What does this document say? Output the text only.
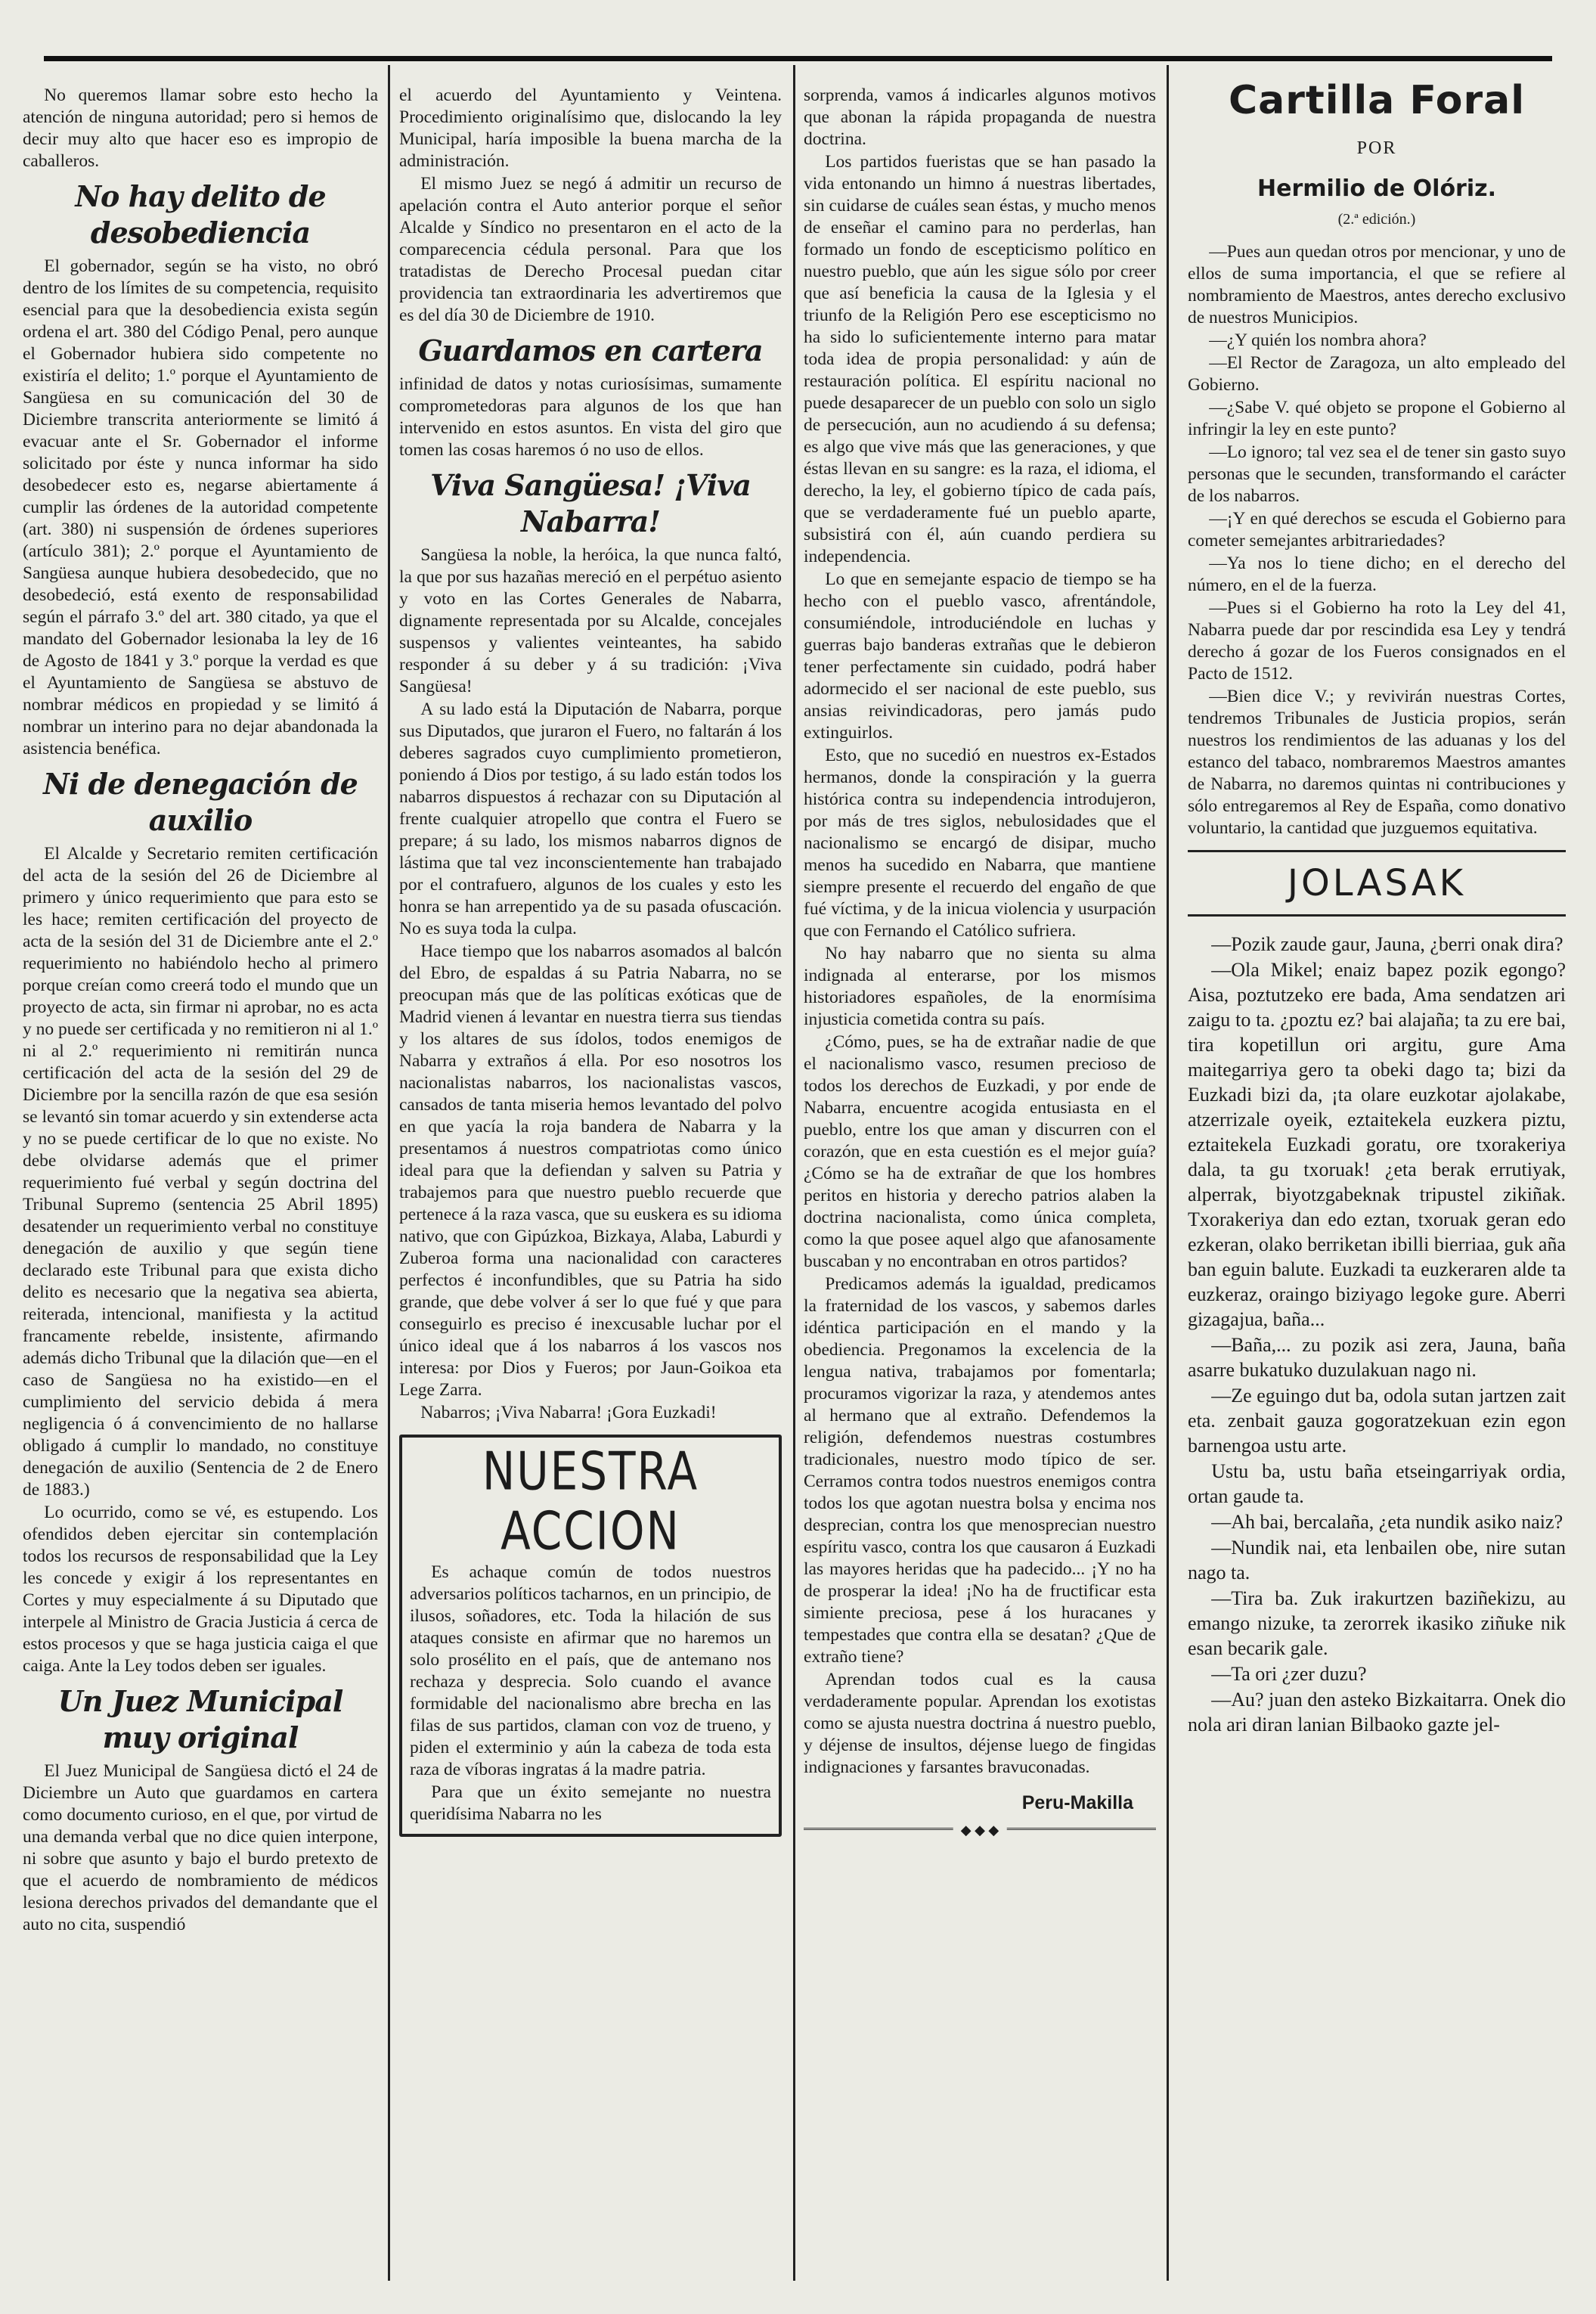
No queremos llamar sobre esto hecho la atención de ninguna autoridad; pero si hemos de decir muy alto que hacer eso es impropio de caballeros.

No hay delito de desobediencia

El gobernador, según se ha visto, no obró dentro de los límites de su competencia, requisito esencial para que la desobediencia exista según ordena el art. 380 del Código Penal, pero aunque el Gobernador hubiera sido competente no existiría el delito; 1.º porque el Ayuntamiento de Sangüesa en su comunicación del 30 de Diciembre transcrita anteriormente se limitó á evacuar ante el Sr. Gobernador el informe solicitado por éste y nunca informar ha sido desobedecer esto es, negarse abiertamente á cumplir las órdenes de la autoridad competente (art. 380) ni suspensión de órdenes superiores (artículo 381); 2.º porque el Ayuntamiento de Sangüesa aunque hubiera desobedecido, que no desobedeció, está exento de responsabilidad según el párrafo 3.º del art. 380 citado, ya que el mandato del Gobernador lesionaba la ley de 16 de Agosto de 1841 y 3.º porque la verdad es que el Ayuntamiento de Sangüesa se abstuvo de nombrar médicos en propiedad y se limitó á nombrar un interino para no dejar abandonada la asistencia benéfica.

Ni de denegación de auxilio

El Alcalde y Secretario remiten certificación del acta de la sesión del 26 de Diciembre al primero y único requerimiento que para esto se les hace; remiten certificación del proyecto de acta de la sesión del 31 de Diciembre ante el 2.º requerimiento no habiéndolo hecho al primero porque creían como creerá todo el mundo que un proyecto de acta, sin firmar ni aprobar, no es acta y no puede ser certificada y no remitieron ni al 1.º ni al 2.º requerimiento ni remitirán nunca certificación del acta de la sesión del 29 de Diciembre por la sencilla razón de que esa sesión se levantó sin tomar acuerdo y sin extenderse acta y no se puede certificar de lo que no existe. No debe olvidarse además que el primer requerimiento fué verbal y según doctrina del Tribunal Supremo (sentencia 25 Abril 1895) desatender un requerimiento verbal no constituye denegación de auxilio y que según tiene declarado este Tribunal para que exista dicho delito es necesario que la negativa sea abierta, reiterada, intencional, manifiesta y la actitud francamente rebelde, insistente, afirmando además dicho Tribunal que la dilación que—en el caso de Sangüesa no ha existido—en el cumplimiento del servicio debida á mera negligencia ó á convencimiento de no hallarse obligado á cumplir lo mandado, no constituye denegación de auxilio (Sentencia de 2 de Enero de 1883.)

Lo ocurrido, como se vé, es estupendo. Los ofendidos deben ejercitar sin contemplación todos los recursos de responsabilidad que la Ley les concede y exigir á los representantes en Cortes y muy especialmente á su Diputado que interpele al Ministro de Gracia Justicia á cerca de estos procesos y que se haga justicia caiga el que caiga. Ante la Ley todos deben ser iguales.

Un Juez Municipal muy original

El Juez Municipal de Sangüesa dictó el 24 de Diciembre un Auto que guardamos en cartera como documento curioso, en el que, por virtud de una demanda verbal que no dice quien interpone, ni sobre que asunto y bajo el burdo pretexto de que el acuerdo de nombramiento de médicos lesiona derechos privados del demandante que el auto no cita, suspendió

el acuerdo del Ayuntamiento y Veintena. Procedimiento originalísimo que, dislocando la ley Municipal, haría imposible la buena marcha de la administración.

El mismo Juez se negó á admitir un recurso de apelación contra el Auto anterior porque el señor Alcalde y Síndico no presentaron en el acto de la comparecencia cédula personal. Para que los tratadistas de Derecho Procesal puedan citar providencia tan extraordinaria les advertiremos que es del día 30 de Diciembre de 1910.

Guardamos en cartera

infinidad de datos y notas curiosísimas, sumamente comprometedoras para algunos de los que han intervenido en estos asuntos. En vista del giro que tomen las cosas haremos ó no uso de ellos.

Viva Sangüesa! ¡Viva Nabarra!

Sangüesa la noble, la heróica, la que nunca faltó, la que por sus hazañas mereció en el perpétuo asiento y voto en las Cortes Generales de Nabarra, dignamente representada por su Alcalde, concejales suspensos y valientes veinteantes, ha sabido responder á su deber y á su tradición: ¡Viva Sangüesa!

A su lado está la Diputación de Nabarra, porque sus Diputados, que juraron el Fuero, no faltarán á los deberes sagrados cuyo cumplimiento prometieron, poniendo á Dios por testigo, á su lado están todos los nabarros dispuestos á rechazar con su Diputación al frente cualquier atropello que contra el Fuero se prepare; á su lado, los mismos nabarros dignos de lástima que tal vez inconscientemente han trabajado por el contrafuero, algunos de los cuales y esto les honra se han arrepentido ya de su pasada ofuscación. No es suya toda la culpa.

Hace tiempo que los nabarros asomados al balcón del Ebro, de espaldas á su Patria Nabarra, no se preocupan más que de las políticas exóticas que de Madrid vienen á levantar en nuestra tierra sus tiendas y los altares de sus ídolos, todos enemigos de Nabarra y extraños á ella. Por eso nosotros los nacionalistas nabarros, los nacionalistas vascos, cansados de tanta miseria hemos levantado del polvo en que yacía la roja bandera de Nabarra y la presentamos á nuestros compatriotas como único ideal para que la defiendan y salven su Patria y trabajemos para que nuestro pueblo recuerde que pertenece á la raza vasca, que su euskera es su idioma nativo, que con Gipúzkoa, Bizkaya, Alaba, Laburdi y Zuberoa forma una nacionalidad con caracteres perfectos é inconfundibles, que su Patria ha sido grande, que debe volver á ser lo que fué y que para conseguirlo es preciso é inexcusable luchar por el único ideal que á los nabarros á los vascos nos interesa: por Dios y Fueros; por Jaun-Goikoa eta Lege Zarra.

Nabarros; ¡Viva Nabarra! ¡Gora Euzkadi!

NUESTRA ACCION

Es achaque común de todos nuestros adversarios políticos tacharnos, en un principio, de ilusos, soñadores, etc. Toda la hilación de sus ataques consiste en afirmar que no haremos un solo prosélito en el país, que de antemano nos rechaza y desprecia. Solo cuando el avance formidable del nacionalismo abre brecha en las filas de sus partidos, claman con voz de trueno, y piden el exterminio y aún la cabeza de toda esta raza de víboras ingratas á la madre patria.

Para que un éxito semejante no nuestra queridísima Nabarra no les

sorprenda, vamos á indicarles algunos motivos que abonan la rápida propaganda de nuestra doctrina.

Los partidos fueristas que se han pasado la vida entonando un himno á nuestras libertades, sin cuidarse de cuáles sean éstas, y mucho menos de enseñar el camino para no perderlas, han formado un fondo de escepticismo político en nuestro pueblo, que aún les sigue sólo por creer que así beneficia la causa de la Iglesia y el triunfo de la Religión Pero ese escepticismo no ha sido lo suficientemente interno para matar toda idea de propia personalidad: y aún de restauración política. El espíritu nacional no puede desaparecer de un pueblo con solo un siglo de persecución, aun no acudiendo á su defensa; es algo que vive más que las generaciones, y que éstas llevan en su sangre: es la raza, el idioma, el derecho, la ley, el gobierno típico de cada país, que se verdaderamente fué un pueblo aparte, subsistirá con él, aún cuando perdiera su independencia.

Lo que en semejante espacio de tiempo se ha hecho con el pueblo vasco, afrentándole, consumiéndole, introduciéndole en luchas y guerras bajo banderas extrañas que le debieron tener perfectamente sin cuidado, podrá haber adormecido el ser nacional de este pueblo, sus ansias reivindicadoras, pero jamás pudo extinguirlos.

Esto, que no sucedió en nuestros ex-Estados hermanos, donde la conspiración y la guerra histórica contra su independencia introdujeron, por más de tres siglos, nebulosidades que el nacionalismo se encargó de disipar, mucho menos ha sucedido en Nabarra, que mantiene siempre presente el recuerdo del engaño de que fué víctima, y de la inicua violencia y usurpación que con Fernando el Católico sufriera.

No hay nabarro que no sienta su alma indignada al enterarse, por los mismos historiadores españoles, de la enormísima injusticia cometida contra su país.

¿Cómo, pues, se ha de extrañar nadie de que el nacionalismo vasco, resumen precioso de todos los derechos de Euzkadi, y por ende de Nabarra, encuentre acogida entusiasta en el pueblo, entre los que aman y discurren con el corazón, que en esta cuestión es el mejor guía? ¿Cómo se ha de extrañar de que los hombres peritos en historia y derecho patrios alaben la doctrina nacionalista, como única completa, como la que posee aquel algo que afanosamente buscaban y no encontraban en otros partidos?

Predicamos además la igualdad, predicamos la fraternidad de los vascos, y sabemos darles idéntica participación en el mando y la obediencia. Pregonamos la excelencia de la lengua nativa, trabajamos por fomentarla; procuramos vigorizar la raza, y atendemos antes al hermano que al extraño. Defendemos la religión, defendemos nuestras costumbres tradicionales, nuestro modo típico de ser. Cerramos contra todos nuestros enemigos contra todos los que agotan nuestra bolsa y encima nos desprecian, contra los que menosprecian nuestro espíritu vasco, contra los que causaron á Euzkadi las mayores heridas que ha padecido... ¡Y no ha de prosperar la idea! ¡No ha de fructificar esta simiente preciosa, pese á los huracanes y tempestades que contra ella se desatan? ¿Que de extraño tiene?

Aprendan todos cual es la causa verdaderamente popular. Aprendan los exotistas como se ajusta nuestra doctrina á nuestro pueblo, y déjense de insultos, déjense luego de fingidas indignaciones y farsantes bravuconadas.

Peru-Makilla
◆ ◆ ◆
Cartilla Foral
POR
Hermilio de Olóriz.
(2.ª edición.)

—Pues aun quedan otros por mencionar, y uno de ellos de suma importancia, el que se refiere al nombramiento de Maestros, antes derecho exclusivo de nuestros Municipios.

—¿Y quién los nombra ahora?

—El Rector de Zaragoza, un alto empleado del Gobierno.

—¿Sabe V. qué objeto se propone el Gobierno al infringir la ley en este punto?

—Lo ignoro; tal vez sea el de tener sin gasto suyo personas que le secunden, transformando el carácter de los nabarros.

—¡Y en qué derechos se escuda el Gobierno para cometer semejantes arbitrariedades?

—Ya nos lo tiene dicho; en el derecho del número, en el de la fuerza.

—Pues si el Gobierno ha roto la Ley del 41, Nabarra puede dar por rescindida esa Ley y tendrá derecho á gozar de los Fueros consignados en el Pacto de 1512.

—Bien dice V.; y revivirán nuestras Cortes, tendremos Tribunales de Justicia propios, serán nuestros los rendimientos de las aduanas y los del estanco del tabaco, nombraremos Maestros amantes de Nabarra, no daremos quintas ni contribuciones y sólo entregaremos al Rey de España, como donativo voluntario, la cantidad que juzguemos equitativa.

JOLASAK

—Pozik zaude gaur, Jauna, ¿berri onak dira?

—Ola Mikel; enaiz bapez pozik egongo? Aisa, poztutzeko ere bada, Ama sendatzen ari zaigu to ta. ¿poztu ez? bai alajaña; ta zu ere bai, tira kopetillun ori argitu, gure Ama maitegarriya gero ta obeki dago ta; bizi da Euzkadi bizi da, ¡ta olare euzkotar ajolakabe, atzerrizale oyeik, eztaitekela euzkera piztu, eztaitekela Euzkadi goratu, ore txorakeriya dala, ta gu txoruak! ¿eta berak errutiyak, alperrak, biyotzgabeknak tripustel zikiñak. Txorakeriya dan edo eztan, txoruak geran edo ezkeran, olako berriketan ibilli bierriaa, guk aña ban eguin balute. Euzkadi ta euzkeraren alde ta euzkeraz, oraingo biziyago legoke gure. Aberri gizagajua, baña...

—Baña,... zu pozik asi zera, Jauna, baña asarre bukatuko duzulakuan nago ni.

—Ze eguingo dut ba, odola sutan jartzen zait eta. zenbait gauza gogoratzekuan ezin egon barnengoa ustu arte.

Ustu ba, ustu baña etseingarriyak ordia, ortan gaude ta.

—Ah bai, bercalaña, ¿eta nundik asiko naiz?

—Nundik nai, eta lenbailen obe, nire sutan nago ta.

—Tira ba. Zuk irakurtzen baziñekizu, au emango nizuke, ta zerorrek ikasiko ziñuke nik esan becarik gale.

—Ta ori ¿zer duzu?

—Au? juan den asteko Bizkaitarra. Onek dio nola ari diran lanian Bilbaoko gazte jel-
